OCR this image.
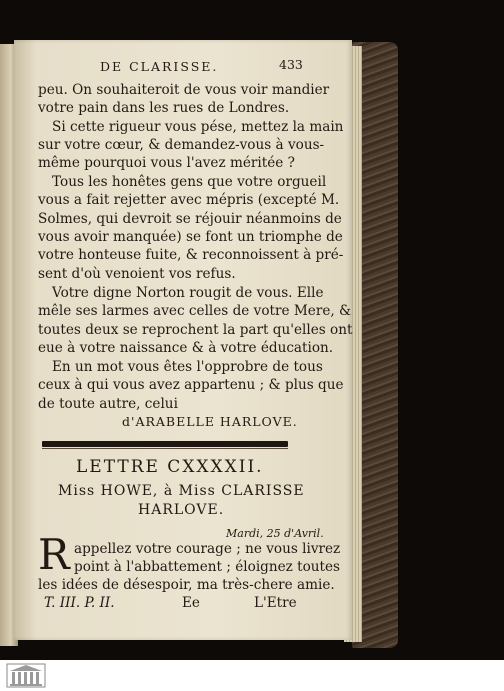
DE CLARISSE.	433
peu. On souhaiteroit de vous voir mandier
votre pain dans les rues de Londres.
Si cette rigueur vous pése, mettez la main
sur votre cœur, & demandez-vous à vous-
même pourquoi vous l'avez méritée ?
Tous les honêtes gens que votre orgueil
vous a fait rejetter avec mépris (excepté M.
Solmes, qui devroit se réjouir néanmoins de
vous avoir manquée) se font un triomphe de
votre honteuse fuite, & reconnoissent à pré-
sent d'où venoient vos refus.
Votre digne Norton rougit de vous. Elle
mêle ses larmes avec celles de votre Mere, &
toutes deux se reprochent la part qu'elles ont
eue à votre naissance & à votre éducation.
En un mot vous êtes l'opprobre de tous
ceux à qui vous avez appartenu ; & plus que
de toute autre, celui
d'ARABELLE HARLOVE.
LETTRE CXXXXII.
Miss HOWE, à Miss CLARISSE
HARLOVE.
Mardi, 25 d'Avril.
R appellez votre courage ; ne vous livrez
point à l'abbattement ; éloignez toutes
les idées de désespoir, ma très-chere amie.
T. III. P. II.	Ee	L'Etre
